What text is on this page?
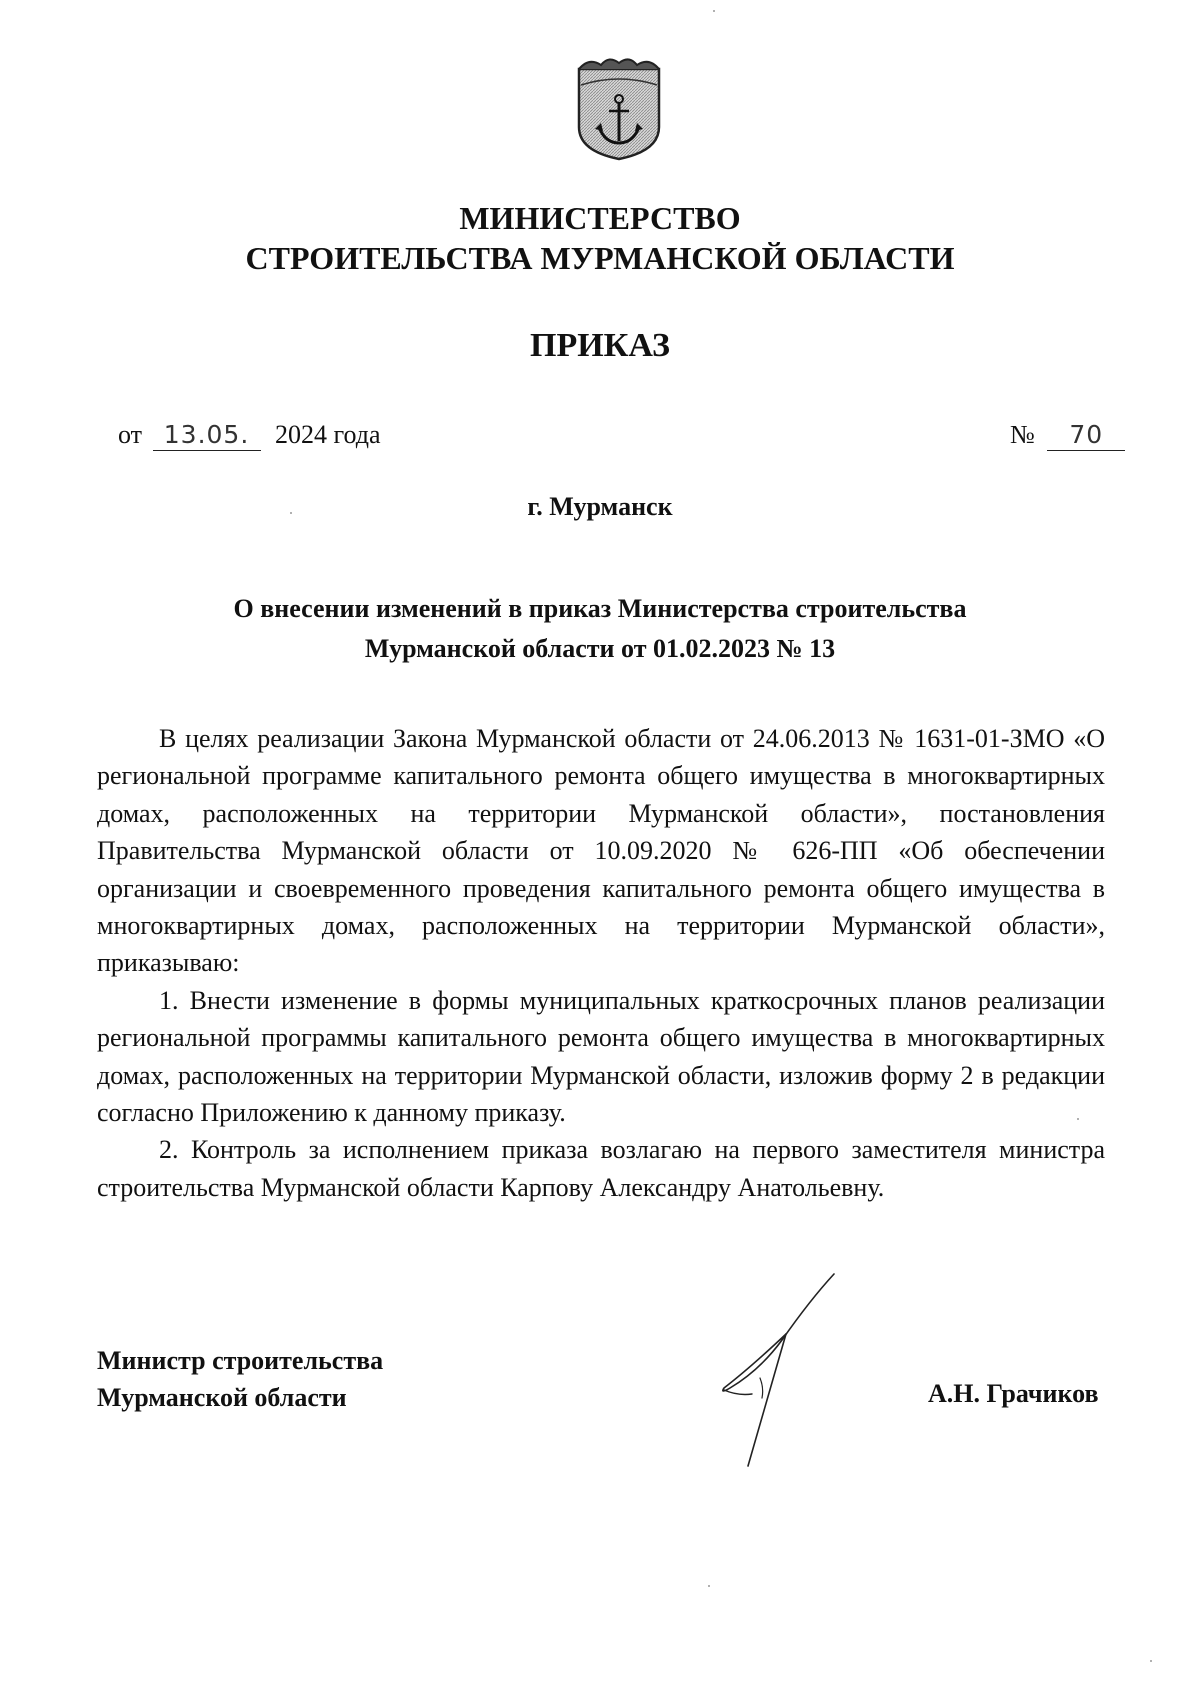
МИНИСТЕРСТВО
СТРОИТЕЛЬСТВА МУРМАНСКОЙ ОБЛАСТИ
ПРИКАЗ
от 13.05. 2024 года	№ 70
г. Мурманск
О внесении изменений в приказ Министерства строительства
Мурманской области от 01.02.2023 № 13

В целях реализации Закона Мурманской области от 24.06.2013 № 1631-01-ЗМО «О региональной программе капитального ремонта общего имущества в многоквартирных домах, расположенных на территории Мурманской области», постановления Правительства Мурманской области от 10.09.2020 № 626-ПП «Об обеспечении организации и своевременного проведения капитального ремонта общего имущества в многоквартирных домах, расположенных на территории Мурманской области», приказываю:

1. Внести изменение в формы муниципальных краткосрочных планов реализации региональной программы капитального ремонта общего имущества в многоквартирных домах, расположенных на территории Мурманской области, изложив форму 2 в редакции согласно Приложению к данному приказу.

2. Контроль за исполнением приказа возлагаю на первого заместителя министра строительства Мурманской области Карпову Александру Анатольевну.

Министр строительства
Мурманской области	А.Н. Грачиков
